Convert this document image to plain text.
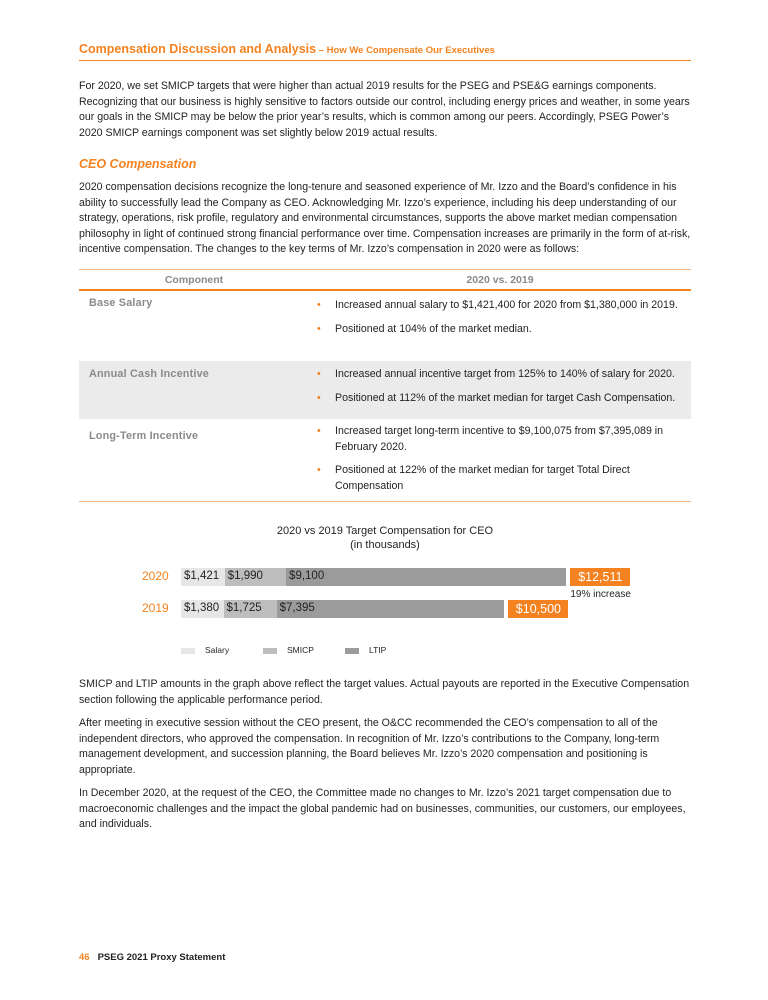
Compensation Discussion and Analysis – How We Compensate Our Executives

For 2020, we set SMICP targets that were higher than actual 2019 results for the PSEG and PSE&G earnings components. Recognizing that our business is highly sensitive to factors outside our control, including energy prices and weather, in some years our goals in the SMICP may be below the prior year’s results, which is common among our peers. Accordingly, PSEG Power’s 2020 SMICP earnings component was set slightly below 2019 actual results.

CEO Compensation

2020 compensation decisions recognize the long-tenure and seasoned experience of Mr. Izzo and the Board’s confidence in his ability to successfully lead the Company as CEO. Acknowledging Mr. Izzo’s experience, including his deep understanding of our strategy, operations, risk profile, regulatory and environmental circumstances, supports the above market median compensation philosophy in light of continued strong financial performance over time. Compensation increases are primarily in the form of at-risk, incentive compensation. The changes to the key terms of Mr. Izzo’s compensation in 2020 were as follows:

Component	2020 vs. 2019
Base Salary	• Increased annual salary to $1,421,400 for 2020 from $1,380,000 in 2019.
• Positioned at 104% of the market median.
Annual Cash Incentive	• Increased annual incentive target from 125% to 140% of salary for 2020.
• Positioned at 112% of the market median for target Cash Compensation.
Long-Term Incentive	• Increased target long-term incentive to $9,100,075 from $7,395,089 in February 2020.
• Positioned at 122% of the market median for target Total Direct Compensation
2020 vs 2019 Target Compensation for CEO
(in thousands)
2020 $1,421 $1,990 $9,100	$12,511
19% increase
2019 $1,380 $1,725 $7,395	$10,500
Salary	SMICP	LTIP

SMICP and LTIP amounts in the graph above reflect the target values. Actual payouts are reported in the Executive Compensation section following the applicable performance period.

After meeting in executive session without the CEO present, the O&CC recommended the CEO’s compensation to all of the independent directors, who approved the compensation. In recognition of Mr. Izzo’s contributions to the Company, long-term management development, and succession planning, the Board believes Mr. Izzo’s 2020 compensation and positioning is appropriate.

In December 2020, at the request of the CEO, the Committee made no changes to Mr. Izzo’s 2021 target compensation due to macroeconomic challenges and the impact the global pandemic had on businesses, communities, our customers, our employees, and individuals.

46 PSEG 2021 Proxy Statement
